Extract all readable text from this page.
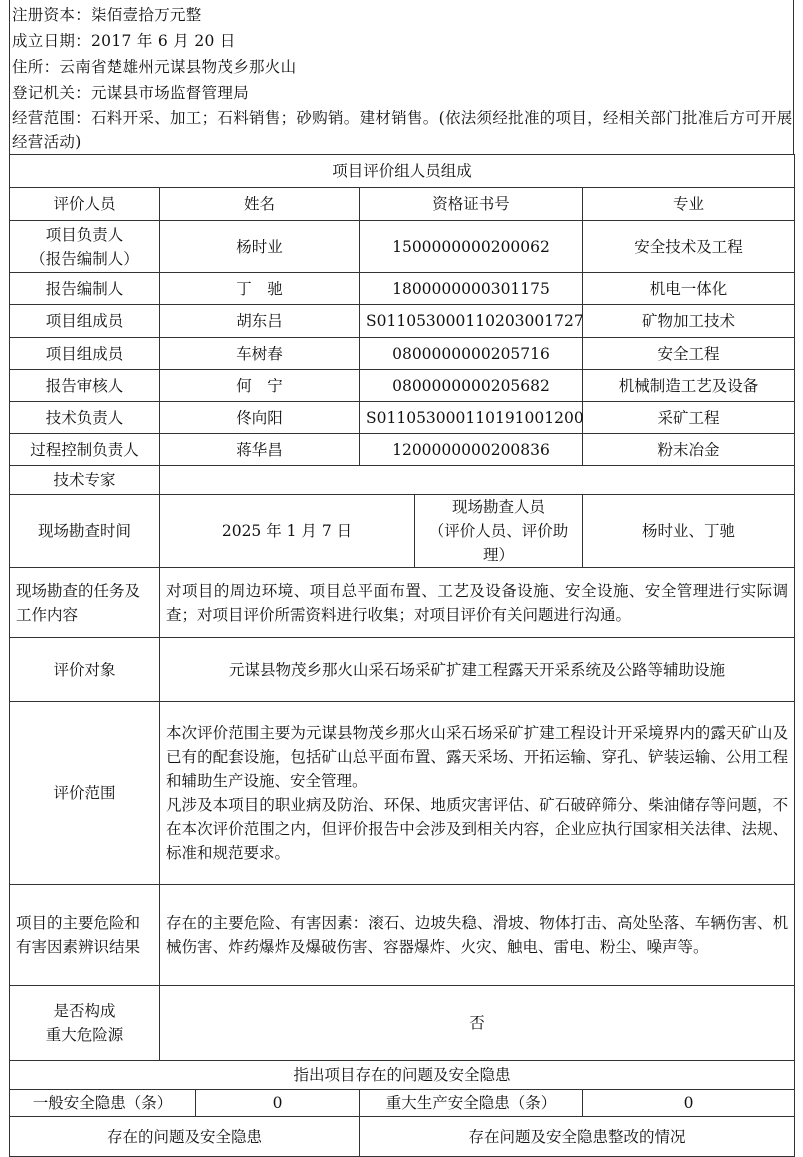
注册资本：柒佰壹拾万元整
成立日期：2017 年 6 月 20 日
住所：云南省楚雄州元谋县物茂乡那火山
登记机关：元谋县市场监督管理局
经营范围：石料开采、加工；石料销售；砂购销。建材销售。(依法须经批准的项目，经相关部门批准后方可开展经营活动)
项目评价组人员组成					
评价人员	姓名		资格证书号		专业

项目负责人
（报告编制人）	杨时业		1500000000200062		安全技术及工程
报告编制人	丁　驰		1800000000301175		机电一体化
项目组成员	胡东吕		S011053000110203001727		矿物加工技术
项目组成员	车树春		0800000000205716		安全工程
报告审核人	何　宁		0800000000205682		机械制造工艺及设备
技术负责人	佟向阳		S011053000110191001200		采矿工程
过程控制负责人	蒋华昌		1200000000200836		粉末冶金
技术专家					
现场勘查时间	2025 年 1 月 7 日			现场勘查人员
（评价人员、评价助理）	杨时业、丁驰
现场勘查的任务及工作内容	对项目的周边环境、项目总平面布置、工艺及设备设施、安全设施、安全管理进行实际调查；对项目评价所需资料进行收集；对项目评价有关问题进行沟通。				
评价对象	元谋县物茂乡那火山采石场采矿扩建工程露天开采系统及公路等辅助设施				
评价范围	本次评价范围主要为元谋县物茂乡那火山采石场采矿扩建工程设计开采境界内的露天矿山及已有的配套设施，包括矿山总平面布置、露天采场、开拓运输、穿孔、铲装运输、公用工程和辅助生产设施、安全管理。
凡涉及本项目的职业病及防治、环保、地质灾害评估、矿石破碎筛分、柴油储存等问题，不在本次评价范围之内，但评价报告中会涉及到相关内容，企业应执行国家相关法律、法规、标准和规范要求。				

项目的主要危险和有害因素辨识结果	存在的主要危险、有害因素：滚石、边坡失稳、滑坡、物体打击、高处坠落、车辆伤害、机械伤害、炸药爆炸及爆破伤害、容器爆炸、火灾、触电、雷电、粉尘、噪声等。				

是否构成
重大危险源	否				
指出项目存在的问题及安全隐患					
一般安全隐患（条）		0	重大生产安全隐患（条）		0
存在的问题及安全隐患			存在问题及安全隐患整改的情况		
